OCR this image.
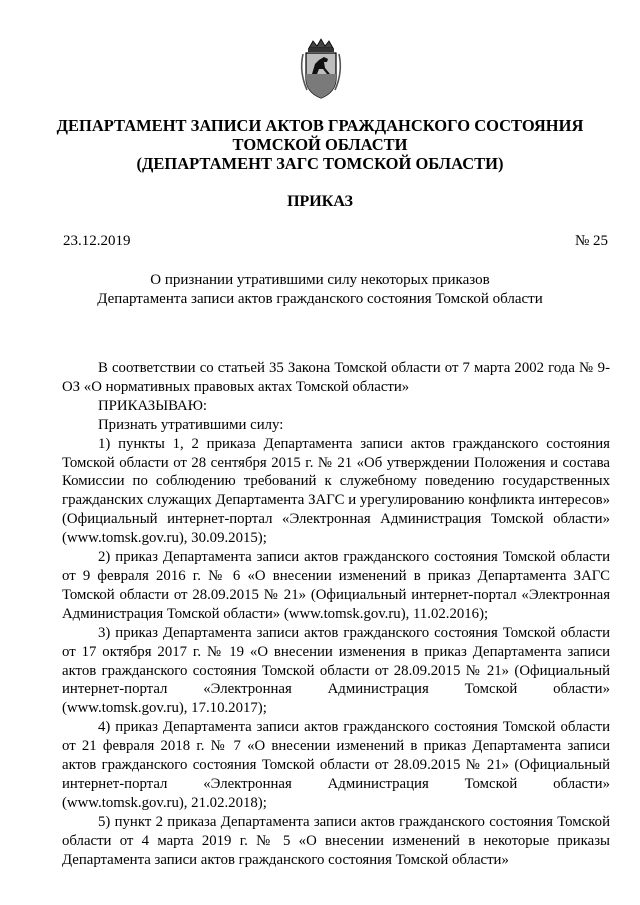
ДЕПАРТАМЕНТ ЗАПИСИ АКТОВ ГРАЖДАНСКОГО СОСТОЯНИЯ
ТОМСКОЙ ОБЛАСТИ
(ДЕПАРТАМЕНТ ЗАГС ТОМСКОЙ ОБЛАСТИ)
ПРИКАЗ
23.12.2019	№ 25
О признании утратившими силу некоторых приказов
Департамента записи актов гражданского состояния Томской области

В соответствии со статьей 35 Закона Томской области от 7 марта 2002 года № 9-ОЗ «О нормативных правовых актах Томской области»

ПРИКАЗЫВАЮ:

Признать утратившими силу:

1) пункты 1, 2 приказа Департамента записи актов гражданского состояния Томской области от 28 сентября 2015 г. № 21 «Об утверждении Положения и состава Комиссии по соблюдению требований к служебному поведению государственных гражданских служащих Департамента ЗАГС и урегулированию конфликта интересов» (Официальный интернет-портал «Электронная Администрация Томской области» (www.tomsk.gov.ru), 30.09.2015);

2) приказ Департамента записи актов гражданского состояния Томской области от 9 февраля 2016 г. № 6 «О внесении изменений в приказ Департамента ЗАГС Томской области от 28.09.2015 № 21» (Официальный интернет-портал «Электронная Администрация Томской области» (www.tomsk.gov.ru), 11.02.2016);

3) приказ Департамента записи актов гражданского состояния Томской области от 17 октября 2017 г. № 19 «О внесении изменения в приказ Департамента записи актов гражданского состояния Томской области от 28.09.2015 № 21» (Официальный интернет-портал «Электронная Администрация Томской области» (www.tomsk.gov.ru), 17.10.2017);

4) приказ Департамента записи актов гражданского состояния Томской области от 21 февраля 2018 г. № 7 «О внесении изменений в приказ Департамента записи актов гражданского состояния Томской области от 28.09.2015 № 21» (Официальный интернет-портал «Электронная Администрация Томской области» (www.tomsk.gov.ru), 21.02.2018);

5) пункт 2 приказа Департамента записи актов гражданского состояния Томской области от 4 марта 2019 г. № 5 «О внесении изменений в некоторые приказы Департамента записи актов гражданского состояния Томской области»
